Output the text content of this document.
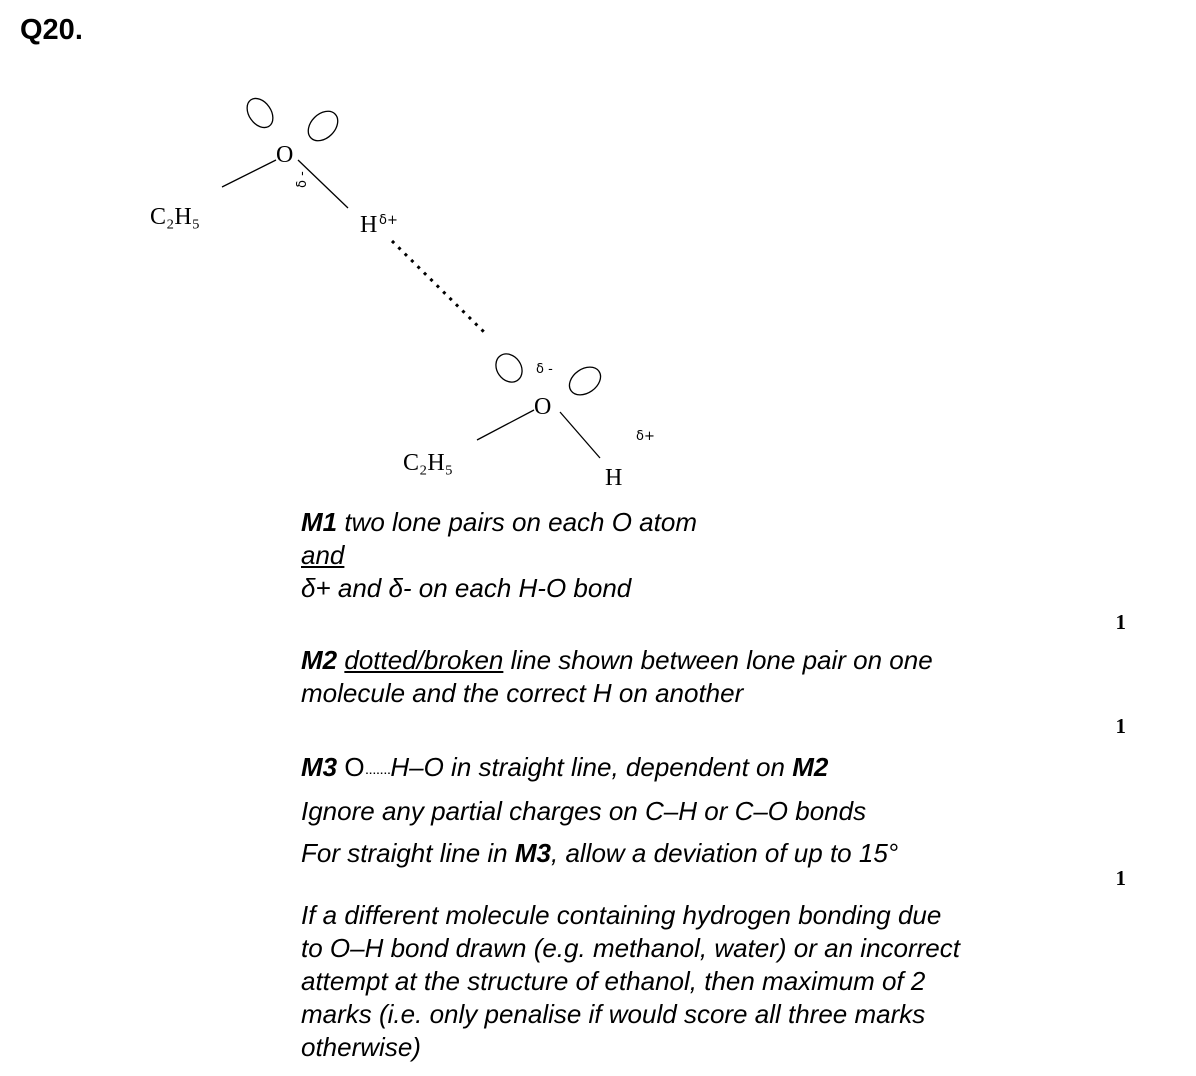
Q20.
C₂H₅
O
δ -
H δ+
δ -
O
C₂H₅
H
δ+
M1 two lone pairs on each O atom
and
δ+ and δ- on each H-O bond
1
M2 dotted/broken line shown between lone pair on one
molecule and the correct H on another
1
M3 O․․․․․․․H–O in straight line, dependent on M2
Ignore any partial charges on C–H or C–O bonds
For straight line in M3, allow a deviation of up to 15°
1
If a different molecule containing hydrogen bonding due
to O–H bond drawn (e.g. methanol, water) or an incorrect
attempt at the structure of ethanol, then maximum of 2
marks (i.e. only penalise if would score all three marks
otherwise)
